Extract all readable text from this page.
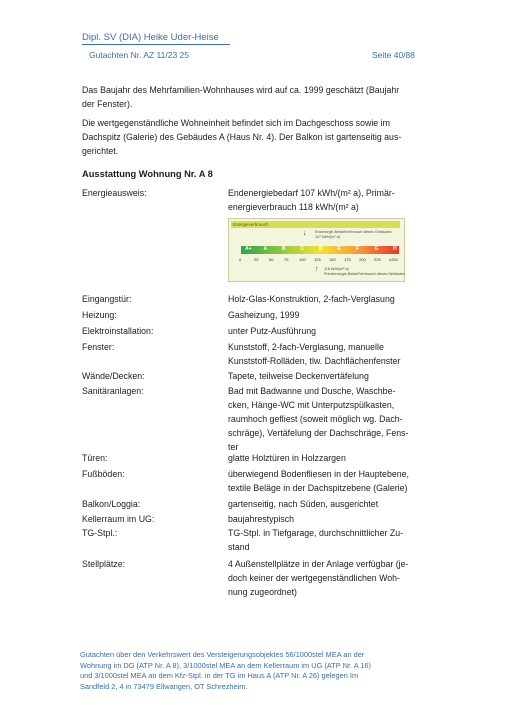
Dipl. SV (DIA) Heike Uder-Heise
Gutachten Nr. AZ 11/23 25	Seite 40/88
Das Baujahr des Mehrfamilien-Wohnhauses wird auf ca. 1999 geschätzt (Baujahr
der Fenster).
Die wertgegenständliche Wohneinheit befindet sich im Dachgeschoss sowie im
Dachspitz (Galerie) des Gebäudes A (Haus Nr. 4). Der Balkon ist gartenseitig aus-
gerichtet.
Ausstattung Wohnung Nr. A 8
Energieausweis:	Endenergiebedarf 107 kWh/(m² a), Primär-
energieverbrauch 118 kWh/(m² a)
Energieverbrauch
↓ Endenergie-Bedarf/Verbrauch dieses Gebäudes
107 kWh/(m²·a)
A+ A	B	C	D	E	F	G	H
0	25	50	75	100 125 150 175 200 225 ≥250
↑ 118 kWh/(m²·a)
Primärenergie-Bedarf/Verbrauch dieses Gebäudes
Eingangstür:	Holz-Glas-Konstruktion, 2-fach-Verglasung
Heizung:	Gasheizung, 1999
Elektroinstallation:	unter Putz-Ausführung
Fenster:	Kunststoff, 2-fach-Verglasung, manuelle
Kunststoff-Rolläden, tlw. Dachflächenfenster
Wände/Decken:	Tapete, teilweise Deckenvertäfelung
Sanitäranlagen:	Bad mit Badwanne und Dusche, Waschbe-
cken, Hänge-WC mit Unterputzspülkasten,
raumhoch gefliest (soweit möglich wg. Dach-
schräge), Vertäfelung der Dachschräge, Fens-
ter
Türen:	glatte Holztüren in Holzzargen
Fußböden:	überwiegend Bodenfliesen in der Hauptebene,
textile Beläge in der Dachspitzebene (Galerie)
Balkon/Loggia:	gartenseitig, nach Süden, ausgerichtet
Kellerraum im UG:	baujahrestypisch
TG-Stpl.:	TG-Stpl. in Tiefgarage, durchschnittlicher Zu-
stand
Stellplätze:	4 Außenstellplätze in der Anlage verfügbar (je-
doch keiner der wertgegenständlichen Woh-
nung zugeordnet)
Gutachten über den Verkehrswert des Versteigerungsobjektes 56/1000stel MEA an der
Wohnung im DG (ATP Nr. A 8), 3/1000stel MEA an dem Kellerraum im UG (ATP Nr. A 16)
und 3/1000stel MEA an dem Kfz-Stpl. in der TG im Haus A (ATP Nr. A 26) gelegen Im
Sandfeld 2, 4 in 73479 Ellwangen, OT Schrezheim.
